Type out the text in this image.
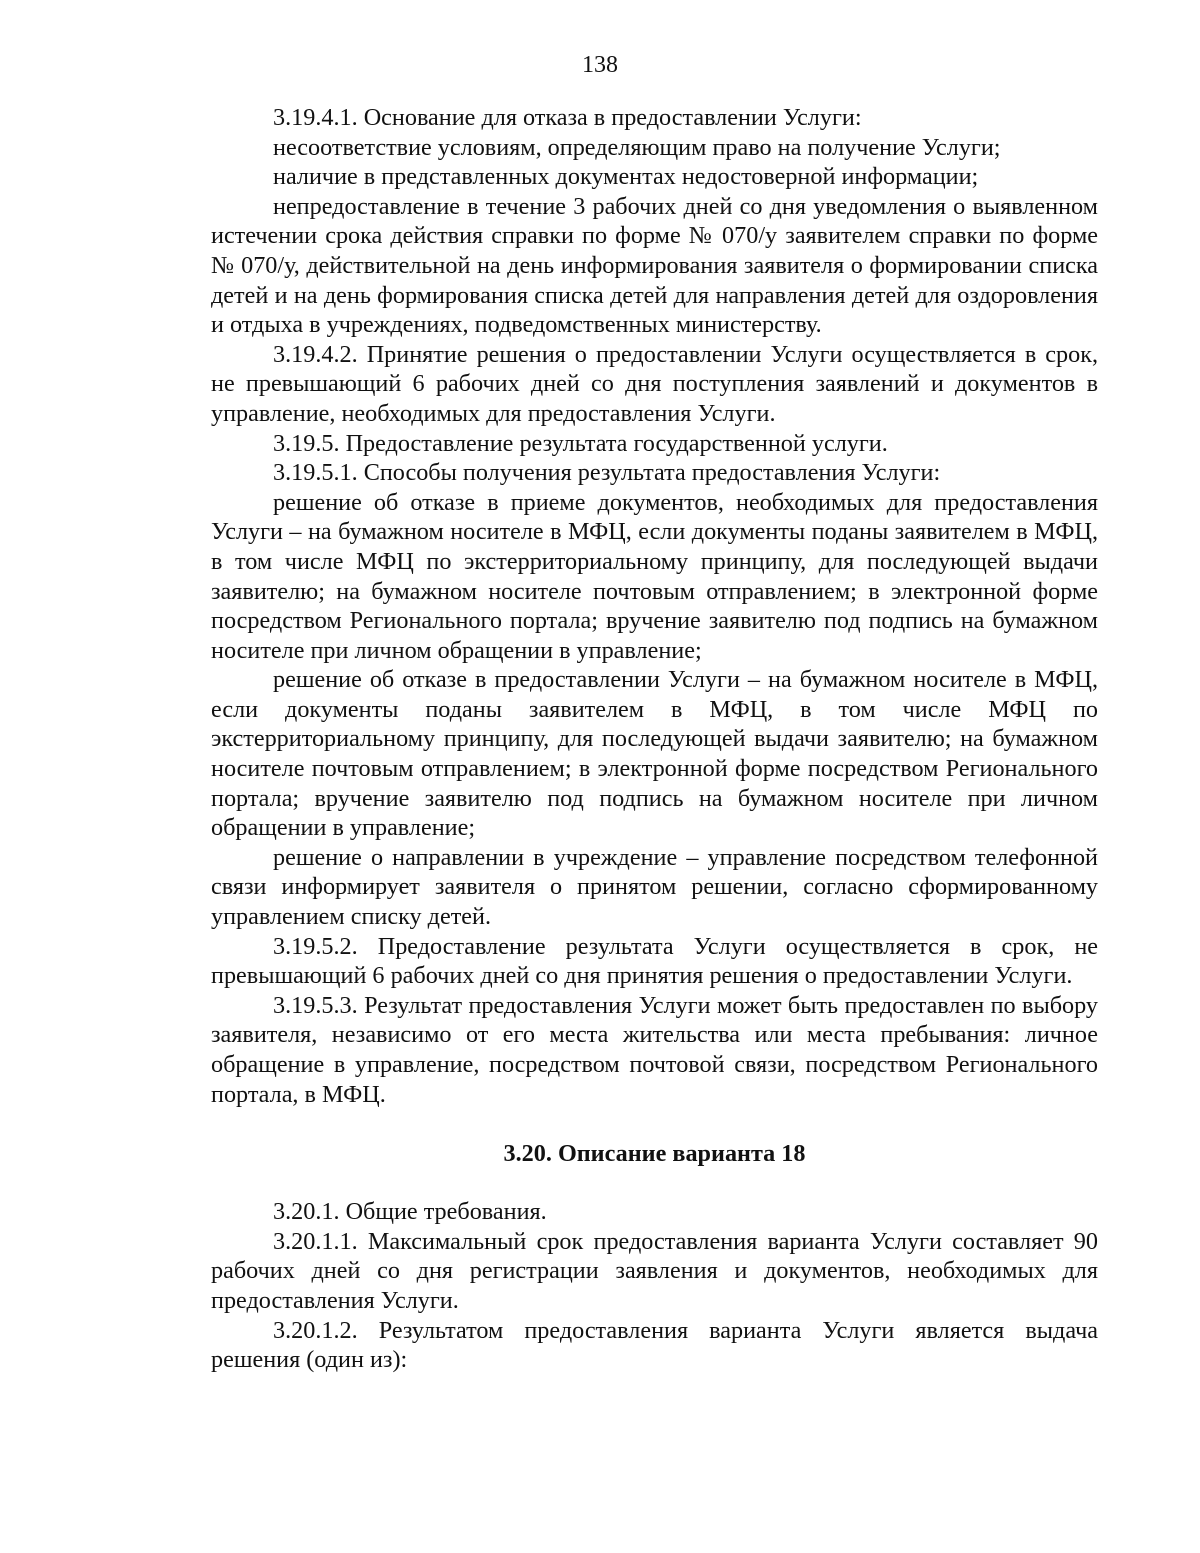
138

3.19.4.1. Основание для отказа в предоставлении Услуги:

несоответствие условиям, определяющим право на получение Услуги;

наличие в представленных документах недостоверной информации;

непредоставление в течение 3 рабочих дней со дня уведомления о выявленном истечении срока действия справки по форме № 070/у заявителем справки по форме № 070/у, действительной на день информирования заявителя о формировании списка детей и на день формирования списка детей для направления детей для оздоровления и отдыха в учреждениях, подведомственных министерству.

3.19.4.2. Принятие решения о предоставлении Услуги осуществляется в срок, не превышающий 6 рабочих дней со дня поступления заявлений и документов в управление, необходимых для предоставления Услуги.

3.19.5. Предоставление результата государственной услуги.

3.19.5.1. Способы получения результата предоставления Услуги:

решение об отказе в приеме документов, необходимых для предоставления Услуги – на бумажном носителе в МФЦ, если документы поданы заявителем в МФЦ, в том числе МФЦ по экстерриториальному принципу, для последующей выдачи заявителю; на бумажном носителе почтовым отправлением; в электронной форме посредством Регионального портала; вручение заявителю под подпись на бумажном носителе при личном обращении в управление;

решение об отказе в предоставлении Услуги – на бумажном носителе в МФЦ, если документы поданы заявителем в МФЦ, в том числе МФЦ по экстерриториальному принципу, для последующей выдачи заявителю; на бумажном носителе почтовым отправлением; в электронной форме посредством Регионального портала; вручение заявителю под подпись на бумажном носителе при личном обращении в управление;

решение о направлении в учреждение – управление посредством телефонной связи информирует заявителя о принятом решении, согласно сформированному управлением списку детей.

3.19.5.2. Предоставление результата Услуги осуществляется в срок, не превышающий 6 рабочих дней со дня принятия решения о предоставлении Услуги.

3.19.5.3. Результат предоставления Услуги может быть предоставлен по выбору заявителя, независимо от его места жительства или места пребывания: личное обращение в управление, посредством почтовой связи, посредством Регионального портала, в МФЦ.

3.20. Описание варианта 18

3.20.1. Общие требования.

3.20.1.1. Максимальный срок предоставления варианта Услуги составляет 90 рабочих дней со дня регистрации заявления и документов, необходимых для предоставления Услуги.

3.20.1.2. Результатом предоставления варианта Услуги является выдача решения (один из):
